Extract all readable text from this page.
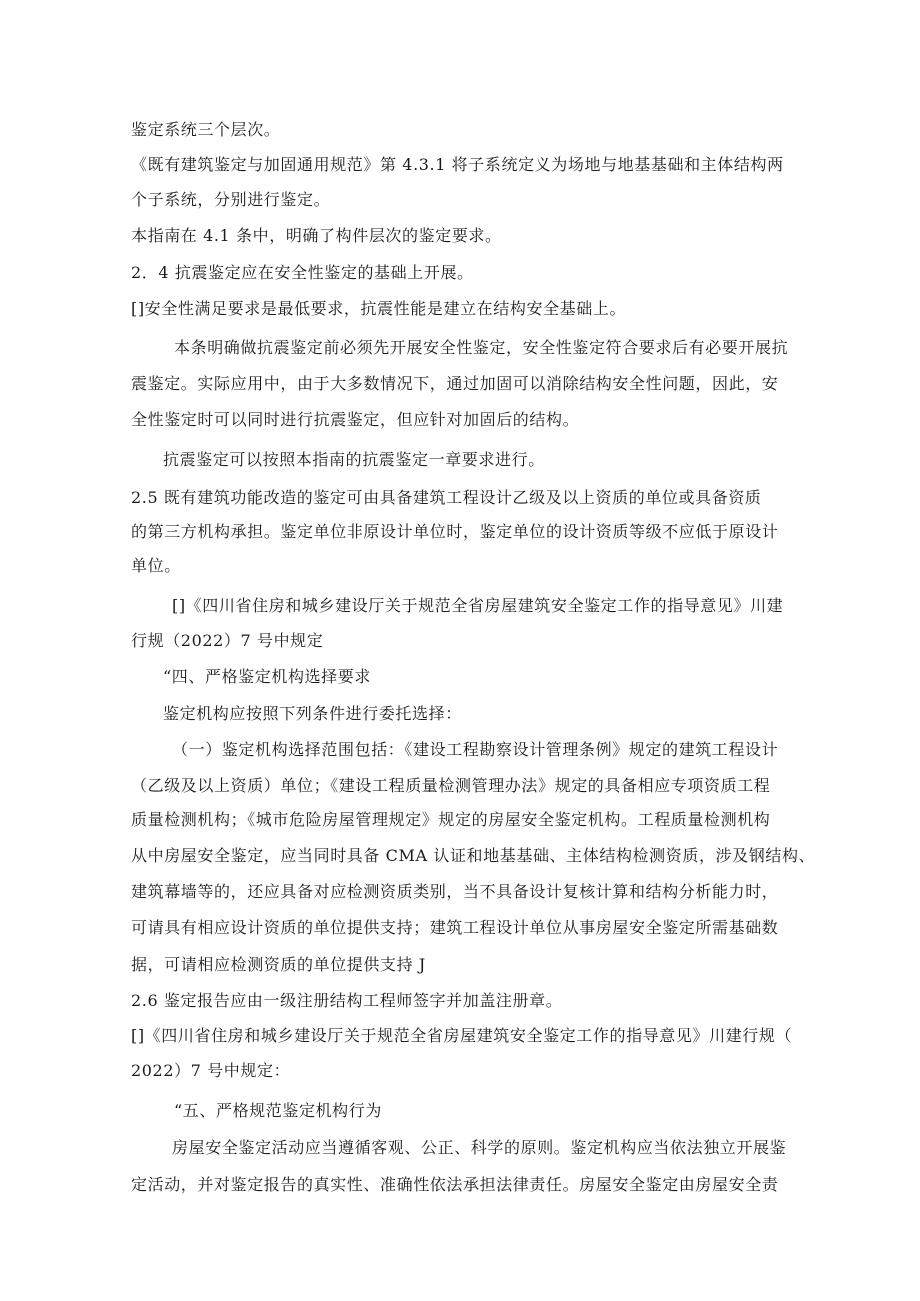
鉴定系统三个层次。
《既有建筑鉴定与加固通用规范》第 4.3.1 将子系统定义为场地与地基基础和主体结构两
个子系统，分别进行鉴定。
本指南在 4.1 条中，明确了构件层次的鉴定要求。
2．4 抗震鉴定应在安全性鉴定的基础上开展。
[]安全性满足要求是最低要求，抗震性能是建立在结构安全基础上。
本条明确做抗震鉴定前必须先开展安全性鉴定，安全性鉴定符合要求后有必要开展抗
震鉴定。实际应用中，由于大多数情况下，通过加固可以消除结构安全性问题，因此，安
全性鉴定时可以同时进行抗震鉴定，但应针对加固后的结构。
抗震鉴定可以按照本指南的抗震鉴定一章要求进行。
2.5 既有建筑功能改造的鉴定可由具备建筑工程设计乙级及以上资质的单位或具备资质
的第三方机构承担。鉴定单位非原设计单位时，鉴定单位的设计资质等级不应低于原设计
单位。
[]《四川省住房和城乡建设厅关于规范全省房屋建筑安全鉴定工作的指导意见》川建
行规（2022）7 号中规定
“四、严格鉴定机构选择要求
鉴定机构应按照下列条件进行委托选择：
（一）鉴定机构选择范围包括：《建设工程勘察设计管理条例》规定的建筑工程设计
（乙级及以上资质）单位；《建设工程质量检测管理办法》规定的具备相应专项资质工程
质量检测机构；《城市危险房屋管理规定》规定的房屋安全鉴定机构。工程质量检测机构
从中房屋安全鉴定，应当同时具备 CMA 认证和地基基础、主体结构检测资质，涉及钢结构、
建筑幕墙等的，还应具备对应检测资质类别，当不具备设计复核计算和结构分析能力时，
可请具有相应设计资质的单位提供支持；建筑工程设计单位从事房屋安全鉴定所需基础数
据，可请相应检测资质的单位提供支持 J
2.6 鉴定报告应由一级注册结构工程师签字并加盖注册章。
[]《四川省住房和城乡建设厅关于规范全省房屋建筑安全鉴定工作的指导意见》川建行规（
2022）7 号中规定：
“五、严格规范鉴定机构行为
房屋安全鉴定活动应当遵循客观、公正、科学的原则。鉴定机构应当依法独立开展鉴
定活动，并对鉴定报告的真实性、准确性依法承担法律责任。房屋安全鉴定由房屋安全责
